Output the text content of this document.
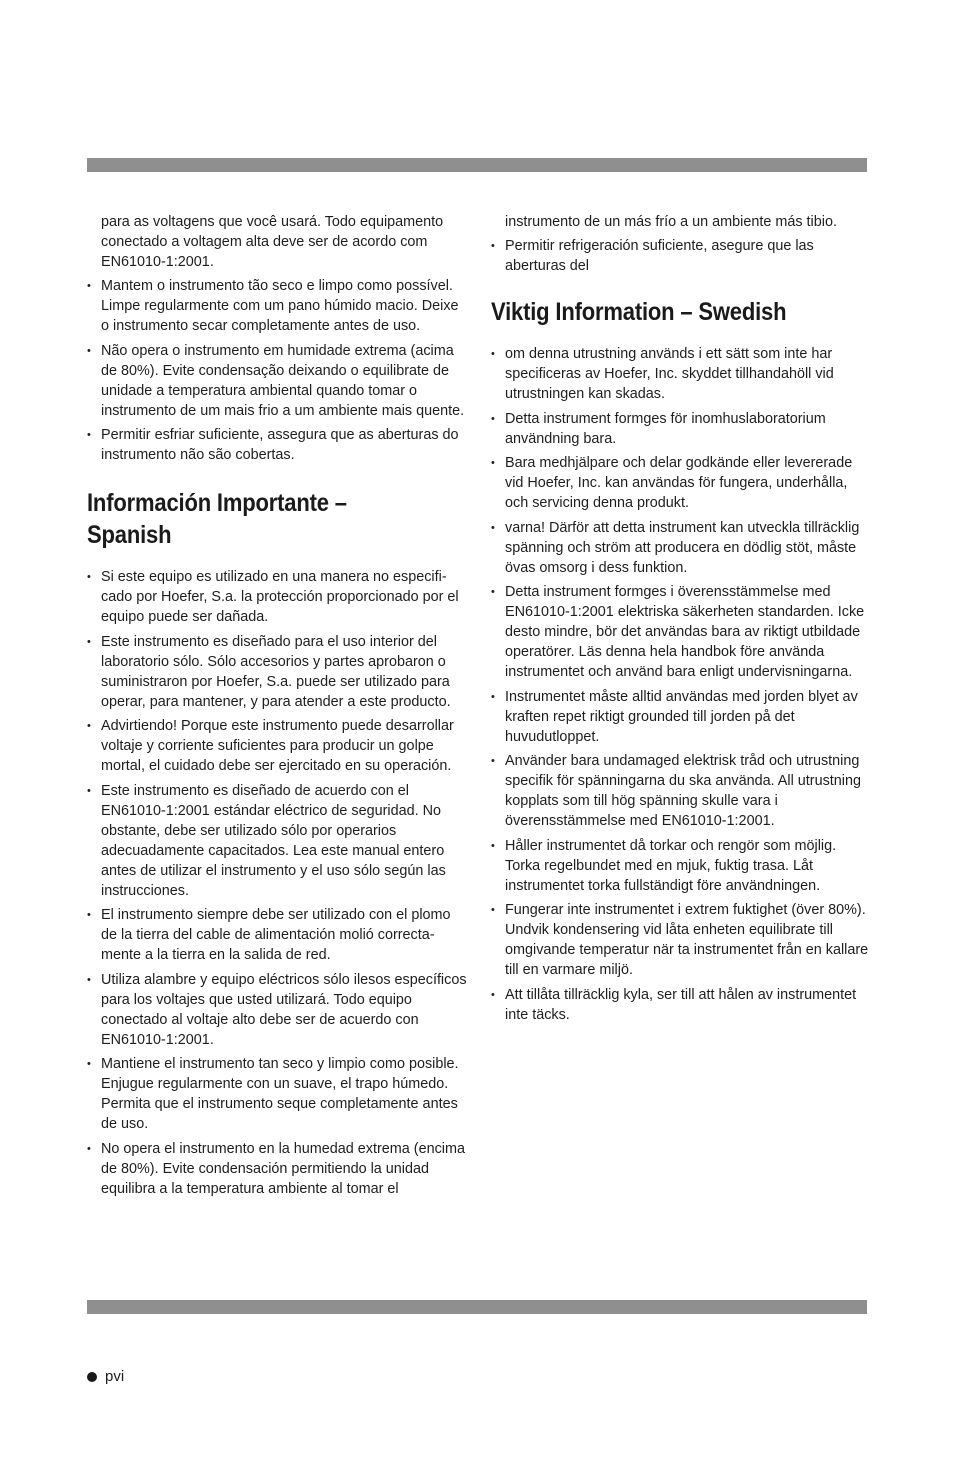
para as voltagens que você usará. Todo equipamento conectado a voltagem alta deve ser de acordo com EN61010-1:2001.

• Mantem o instrumento tão seco e limpo como possível. Limpe regularmente com um pano húmido macio. Deixe o instrumento secar completamente antes de uso.
• Não opera o instrumento em humidade extrema (acima de 80%). Evite condensação deixando o equilibrate de unidade a temperatura ambiental quando tomar o instrumento de um mais frio a um ambiente mais quente.
• Permitir esfriar suficiente, assegura que as aberturas do instrumento não são cobertas.
Información Importante – Spanish
• Si este equipo es utilizado en una manera no especificado por Hoefer, S.a. la protección proporcionado por el equipo puede ser dañada.
• Este instrumento es diseñado para el uso interior del laboratorio sólo. Sólo accesorios y partes aprobaron o suministraron por Hoefer, S.a. puede ser utilizado para operar, para mantener, y para atender a este producto.
• Advirtiendo! Porque este instrumento puede desarrollar voltaje y corriente suficientes para producir un golpe mortal, el cuidado debe ser ejercitado en su operación.
• Este instrumento es diseñado de acuerdo con el EN61010-1:2001 estándar eléctrico de seguridad. No obstante, debe ser utilizado sólo por operarios adecuadamente capacitados. Lea este manual entero antes de utilizar el instrumento y el uso sólo según las instrucciones.
• El instrumento siempre debe ser utilizado con el plomo de la tierra del cable de alimentación molió correctamente a la tierra en la salida de red.
• Utiliza alambre y equipo eléctricos sólo ilesos específicos para los voltajes que usted utilizará. Todo equipo conectado al voltaje alto debe ser de acuerdo con EN61010-1:2001.
• Mantiene el instrumento tan seco y limpio como posible. Enjugue regularmente con un suave, el trapo húmedo. Permita que el instrumento seque completamente antes de uso.
• No opera el instrumento en la humedad extrema (encima de 80%). Evite condensación permitiendo la unidad equilibra a la temperatura ambiente al tomar el

instrumento de un más frío a un ambiente más tibio.

• Permitir refrigeración suficiente, asegure que las aberturas del
Viktig Information – Swedish
• om denna utrustning används i ett sätt som inte har specificeras av Hoefer, Inc. skyddet tillhandahöll vid utrustningen kan skadas.
• Detta instrument formges för inomhuslaboratorium användning bara.
• Bara medhjälpare och delar godkände eller levererade vid Hoefer, Inc. kan användas för fungera, underhålla, och servicing denna produkt.
• varna! Därför att detta instrument kan utveckla tillräcklig spänning och ström att producera en dödlig stöt, måste övas omsorg i dess funktion.
• Detta instrument formges i överensstämmelse med EN61010-1:2001 elektriska säkerheten standarden. Icke desto mindre, bör det användas bara av riktigt utbildade operatörer. Läs denna hela handbok före använda instrumentet och använd bara enligt undervisningarna.
• Instrumentet måste alltid användas med jorden blyet av kraften repet riktigt grounded till jorden på det huvudutloppet.
• Använder bara undamaged elektrisk tråd och utrustning specifik för spänningarna du ska använda. All utrustning kopplats som till hög spänning skulle vara i överensstämmelse med EN61010-1:2001.
• Håller instrumentet då torkar och rengör som möjlig. Torka regelbundet med en mjuk, fuktig trasa. Låt instrumentet torka fullständigt före användningen.
• Fungerar inte instrumentet i extrem fuktighet (över 80%). Undvik kondensering vid låta enheten equilibrate till omgivande temperatur när ta instrumentet från en kallare till en varmare miljö.
• Att tillåta tillräcklig kyla, ser till att hålen av instrumentet inte täcks.
pvi
